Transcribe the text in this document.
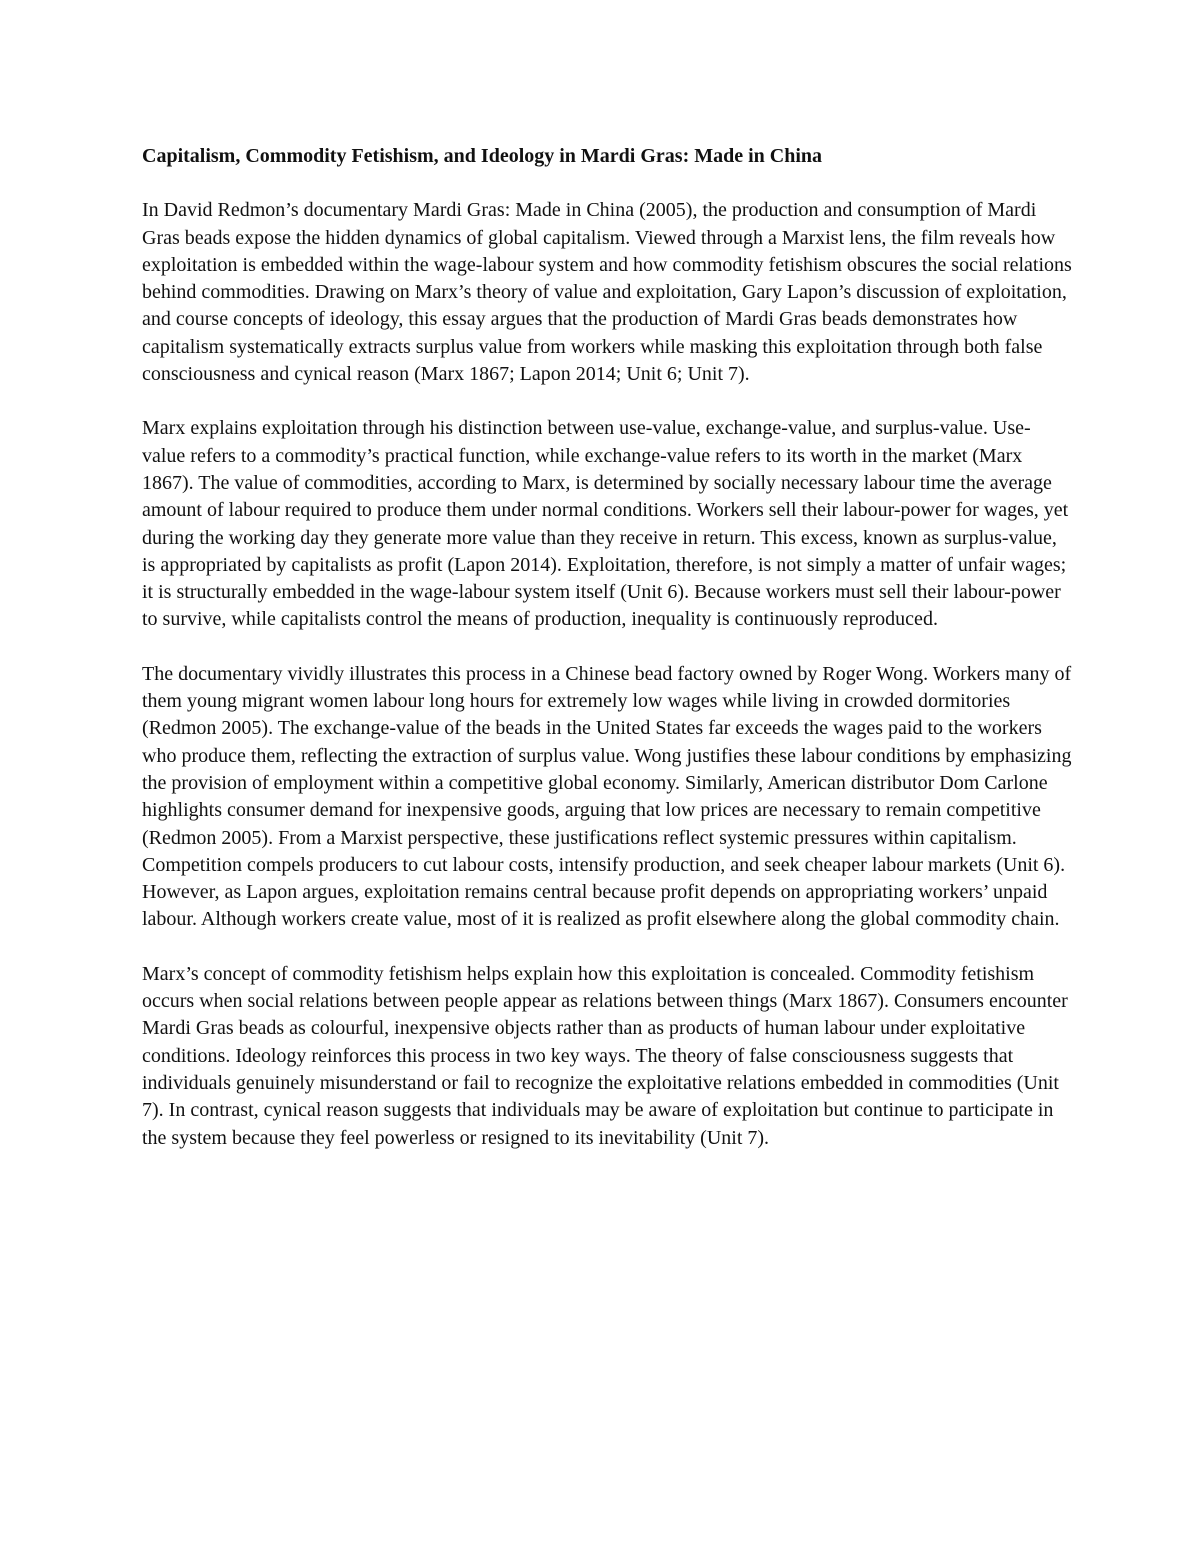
Capitalism, Commodity Fetishism, and Ideology in Mardi Gras: Made in China

In David Redmon’s documentary Mardi Gras: Made in China (2005), the production and consumption of Mardi Gras beads expose the hidden dynamics of global capitalism. Viewed through a Marxist lens, the film reveals how exploitation is embedded within the wage-labour system and how commodity fetishism obscures the social relations behind commodities. Drawing on Marx’s theory of value and exploitation, Gary Lapon’s discussion of exploitation, and course concepts of ideology, this essay argues that the production of Mardi Gras beads demonstrates how capitalism systematically extracts surplus value from workers while masking this exploitation through both false consciousness and cynical reason (Marx 1867; Lapon 2014; Unit 6; Unit 7).

Marx explains exploitation through his distinction between use-value, exchange-value, and surplus-value. Use-value refers to a commodity’s practical function, while exchange-value refers to its worth in the market (Marx 1867). The value of commodities, according to Marx, is determined by socially necessary labour time the average amount of labour required to produce them under normal conditions. Workers sell their labour-power for wages, yet during the working day they generate more value than they receive in return. This excess, known as surplus-value, is appropriated by capitalists as profit (Lapon 2014). Exploitation, therefore, is not simply a matter of unfair wages; it is structurally embedded in the wage-labour system itself (Unit 6). Because workers must sell their labour-power to survive, while capitalists control the means of production, inequality is continuously reproduced.

The documentary vividly illustrates this process in a Chinese bead factory owned by Roger Wong. Workers many of them young migrant women labour long hours for extremely low wages while living in crowded dormitories (Redmon 2005). The exchange-value of the beads in the United States far exceeds the wages paid to the workers who produce them, reflecting the extraction of surplus value. Wong justifies these labour conditions by emphasizing the provision of employment within a competitive global economy. Similarly, American distributor Dom Carlone highlights consumer demand for inexpensive goods, arguing that low prices are necessary to remain competitive (Redmon 2005). From a Marxist perspective, these justifications reflect systemic pressures within capitalism. Competition compels producers to cut labour costs, intensify production, and seek cheaper labour markets (Unit 6). However, as Lapon argues, exploitation remains central because profit depends on appropriating workers’ unpaid labour. Although workers create value, most of it is realized as profit elsewhere along the global commodity chain.

Marx’s concept of commodity fetishism helps explain how this exploitation is concealed. Commodity fetishism occurs when social relations between people appear as relations between things (Marx 1867). Consumers encounter Mardi Gras beads as colourful, inexpensive objects rather than as products of human labour under exploitative conditions. Ideology reinforces this process in two key ways. The theory of false consciousness suggests that individuals genuinely misunderstand or fail to recognize the exploitative relations embedded in commodities (Unit 7). In contrast, cynical reason suggests that individuals may be aware of exploitation but continue to participate in the system because they feel powerless or resigned to its inevitability (Unit 7).
